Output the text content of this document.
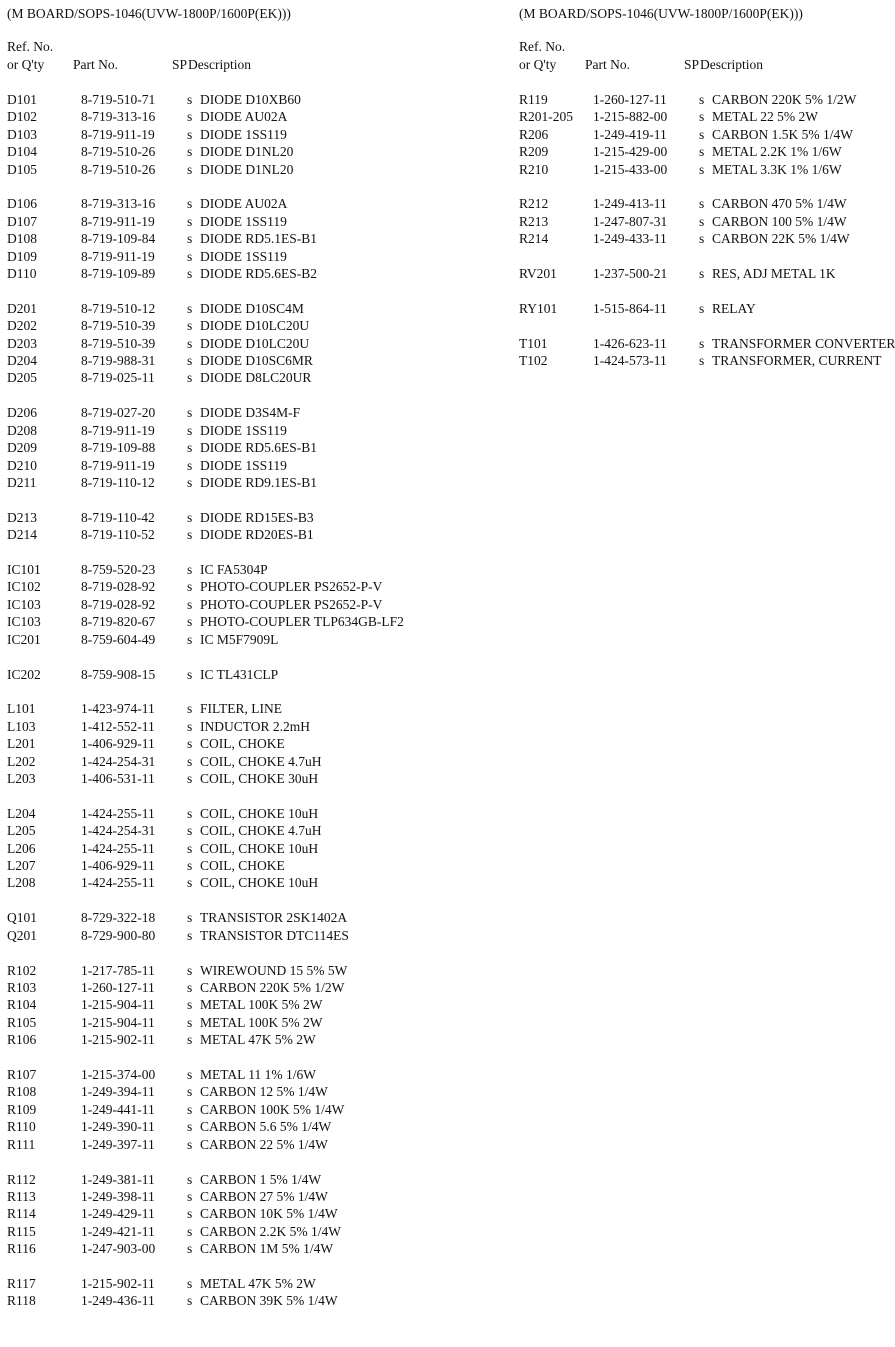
(M BOARD/SOPS-1046(UVW-1800P/1600P(EK)))
Ref. No.
or Q'ty Part No.	SP Description
D101	8-719-510-71 s DIODE D10XB60
D102	8-719-313-16 s DIODE AU02A
D103	8-719-911-19 s DIODE 1SS119
D104	8-719-510-26 s DIODE D1NL20
D105	8-719-510-26 s DIODE D1NL20
D106	8-719-313-16 s DIODE AU02A
D107	8-719-911-19 s DIODE 1SS119
D108	8-719-109-84 s DIODE RD5.1ES-B1
D109	8-719-911-19 s DIODE 1SS119
D110	8-719-109-89 s DIODE RD5.6ES-B2
D201	8-719-510-12 s DIODE D10SC4M
D202	8-719-510-39 s DIODE D10LC20U
D203	8-719-510-39 s DIODE D10LC20U
D204	8-719-988-31 s DIODE D10SC6MR
D205	8-719-025-11 s DIODE D8LC20UR
D206	8-719-027-20 s DIODE D3S4M-F
D208	8-719-911-19 s DIODE 1SS119
D209	8-719-109-88 s DIODE RD5.6ES-B1
D210	8-719-911-19 s DIODE 1SS119
D211	8-719-110-12 s DIODE RD9.1ES-B1
D213	8-719-110-42 s DIODE RD15ES-B3
D214	8-719-110-52 s DIODE RD20ES-B1
IC101	8-759-520-23 s IC FA5304P
IC102	8-719-028-92 s PHOTO-COUPLER PS2652-P-V
IC103	8-719-028-92 s PHOTO-COUPLER PS2652-P-V
IC103	8-719-820-67 s PHOTO-COUPLER TLP634GB-LF2
IC201	8-759-604-49 s IC M5F7909L
IC202	8-759-908-15 s IC TL431CLP
L101	1-423-974-11 s FILTER, LINE
L103	1-412-552-11 s INDUCTOR 2.2mH
L201	1-406-929-11 s COIL, CHOKE
L202	1-424-254-31 s COIL, CHOKE 4.7uH
L203	1-406-531-11 s COIL, CHOKE 30uH
L204	1-424-255-11 s COIL, CHOKE 10uH
L205	1-424-254-31 s COIL, CHOKE 4.7uH
L206	1-424-255-11 s COIL, CHOKE 10uH
L207	1-406-929-11 s COIL, CHOKE
L208	1-424-255-11 s COIL, CHOKE 10uH
Q101	8-729-322-18 s TRANSISTOR 2SK1402A
Q201	8-729-900-80 s TRANSISTOR DTC114ES
R102	1-217-785-11 s WIREWOUND 15 5% 5W
R103	1-260-127-11 s CARBON 220K 5% 1/2W
R104	1-215-904-11 s METAL 100K 5% 2W
R105	1-215-904-11 s METAL 100K 5% 2W
R106	1-215-902-11 s METAL 47K 5% 2W
R107	1-215-374-00 s METAL 11 1% 1/6W
R108	1-249-394-11 s CARBON 12 5% 1/4W
R109	1-249-441-11 s CARBON 100K 5% 1/4W
R110	1-249-390-11 s CARBON 5.6 5% 1/4W
R111	1-249-397-11 s CARBON 22 5% 1/4W
R112	1-249-381-11 s CARBON 1 5% 1/4W
R113	1-249-398-11 s CARBON 27 5% 1/4W
R114	1-249-429-11 s CARBON 10K 5% 1/4W
R115	1-249-421-11 s CARBON 2.2K 5% 1/4W
R116	1-247-903-00 s CARBON 1M 5% 1/4W
R117	1-215-902-11 s METAL 47K 5% 2W
R118	1-249-436-11 s CARBON 39K 5% 1/4W
(M BOARD/SOPS-1046(UVW-1800P/1600P(EK)))
Ref. No.
or Q'ty Part No.	SP Description
R119	1-260-127-11 s CARBON 220K 5% 1/2W
R201-205 1-215-882-00 s METAL 22 5% 2W
R206	1-249-419-11 s CARBON 1.5K 5% 1/4W
R209	1-215-429-00 s METAL 2.2K 1% 1/6W
R210	1-215-433-00 s METAL 3.3K 1% 1/6W
R212	1-249-413-11 s CARBON 470 5% 1/4W
R213	1-247-807-31 s CARBON 100 5% 1/4W
R214	1-249-433-11 s CARBON 22K 5% 1/4W
RV201	1-237-500-21 s RES, ADJ METAL 1K
RY101	1-515-864-11 s RELAY
T101	1-426-623-11 s TRANSFORMER CONVERTER
T102	1-424-573-11 s TRANSFORMER, CURRENT
